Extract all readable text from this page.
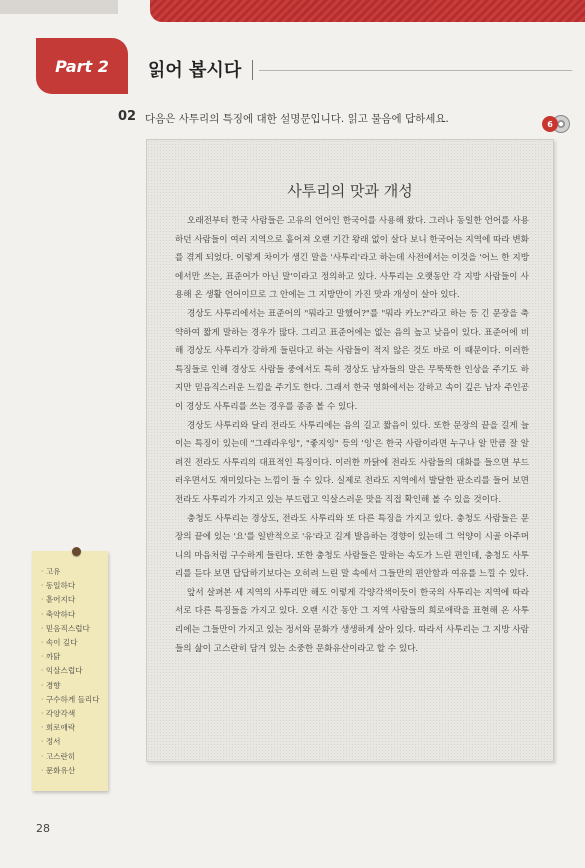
Part 2 읽어 봅시다
02 다음은 사투리의 특징에 대한 설명문입니다. 읽고 물음에 답하세요.	6
사투리의 맛과 개성

오래전부터 한국 사람들은 고유의 언어인 한국어를 사용해 왔다. 그러나 동일한 언어를 사용하던 사람들이 여러 지역으로 흩어져 오랜 기간 왕래 없이 살다 보니 한국어는 지역에 따라 변화를 겪게 되었다. 이렇게 차이가 생긴 말을 '사투리'라고 하는데 사전에서는 이것을 '어느 한 지방에서만 쓰는, 표준어가 아닌 말'이라고 정의하고 있다. 사투리는 오랫동안 각 지방 사람들이 사용해 온 생활 언어이므로 그 안에는 그 지방만이 가진 맛과 개성이 살아 있다.

경상도 사투리에서는 표준어의 "뭐라고 말했어?"를 "뭐라 카노?"라고 하는 등 긴 문장을 축약하여 짧게 말하는 경우가 많다. 그리고 표준어에는 없는 음의 높고 낮음이 있다. 표준어에 비해 경상도 사투리가 강하게 들린다고 하는 사람들이 적지 않은 것도 바로 이 때문이다. 이러한 특징들로 인해 경상도 사람들 중에서도 특히 경상도 남자들의 말은 무뚝뚝한 인상을 주기도 하지만 믿음직스러운 느낌을 주기도 한다. 그래서 한국 영화에서는 강하고 속이 깊은 남자 주인공이 경상도 사투리를 쓰는 경우를 종종 볼 수 있다.

경상도 사투리와 달리 전라도 사투리에는 음의 길고 짧음이 있다. 또한 문장의 끝을 길게 늘이는 특징이 있는데 "그래라우잉", "좋지잉" 등의 '잉'은 한국 사람이라면 누구나 알 만큼 잘 알려진 전라도 사투리의 대표적인 특징이다. 이러한 까닭에 전라도 사람들의 대화를 들으면 부드러우면서도 재미있다는 느낌이 들 수 있다. 실제로 전라도 지역에서 발달한 판소리를 들어 보면 전라도 사투리가 가지고 있는 부드럽고 익살스러운 맛을 직접 확인해 볼 수 있을 것이다.

충청도 사투리는 경상도, 전라도 사투리와 또 다른 특징을 가지고 있다. 충청도 사람들은 문장의 끝에 있는 '요'를 일반적으로 '유'라고 길게 발음하는 경향이 있는데 그 억양이 시골 아주머니의 마음처럼 구수하게 들린다. 또한 충청도 사람들은 말하는 속도가 느린 편인데, 충청도 사투리를 듣다 보면 답답하기보다는 오히려 느린 말 속에서 그들만의 편안함과 여유를 느낄 수 있다.

앞서 살펴본 세 지역의 사투리만 해도 이렇게 각양각색이듯이 한국의 사투리는 지역에 따라 서로 다른 특징들을 가지고 있다. 오랜 시간 동안 그 지역 사람들의 희로애락을 표현해 온 사투리에는 그들만이 가지고 있는 정서와 문화가 생생하게 살아 있다. 따라서 사투리는 그 지방 사람들의 삶이 고스란히 담겨 있는 소중한 문화유산이라고 할 수 있다.

· 고유
· 동일하다
· 흩어지다
· 축약하다
· 믿음직스럽다
· 속이 깊다
· 까닭
· 익살스럽다
· 경향
· 구수하게 들리다
· 각양각색
· 희로애락
· 정서
· 고스란히
· 문화유산
28
